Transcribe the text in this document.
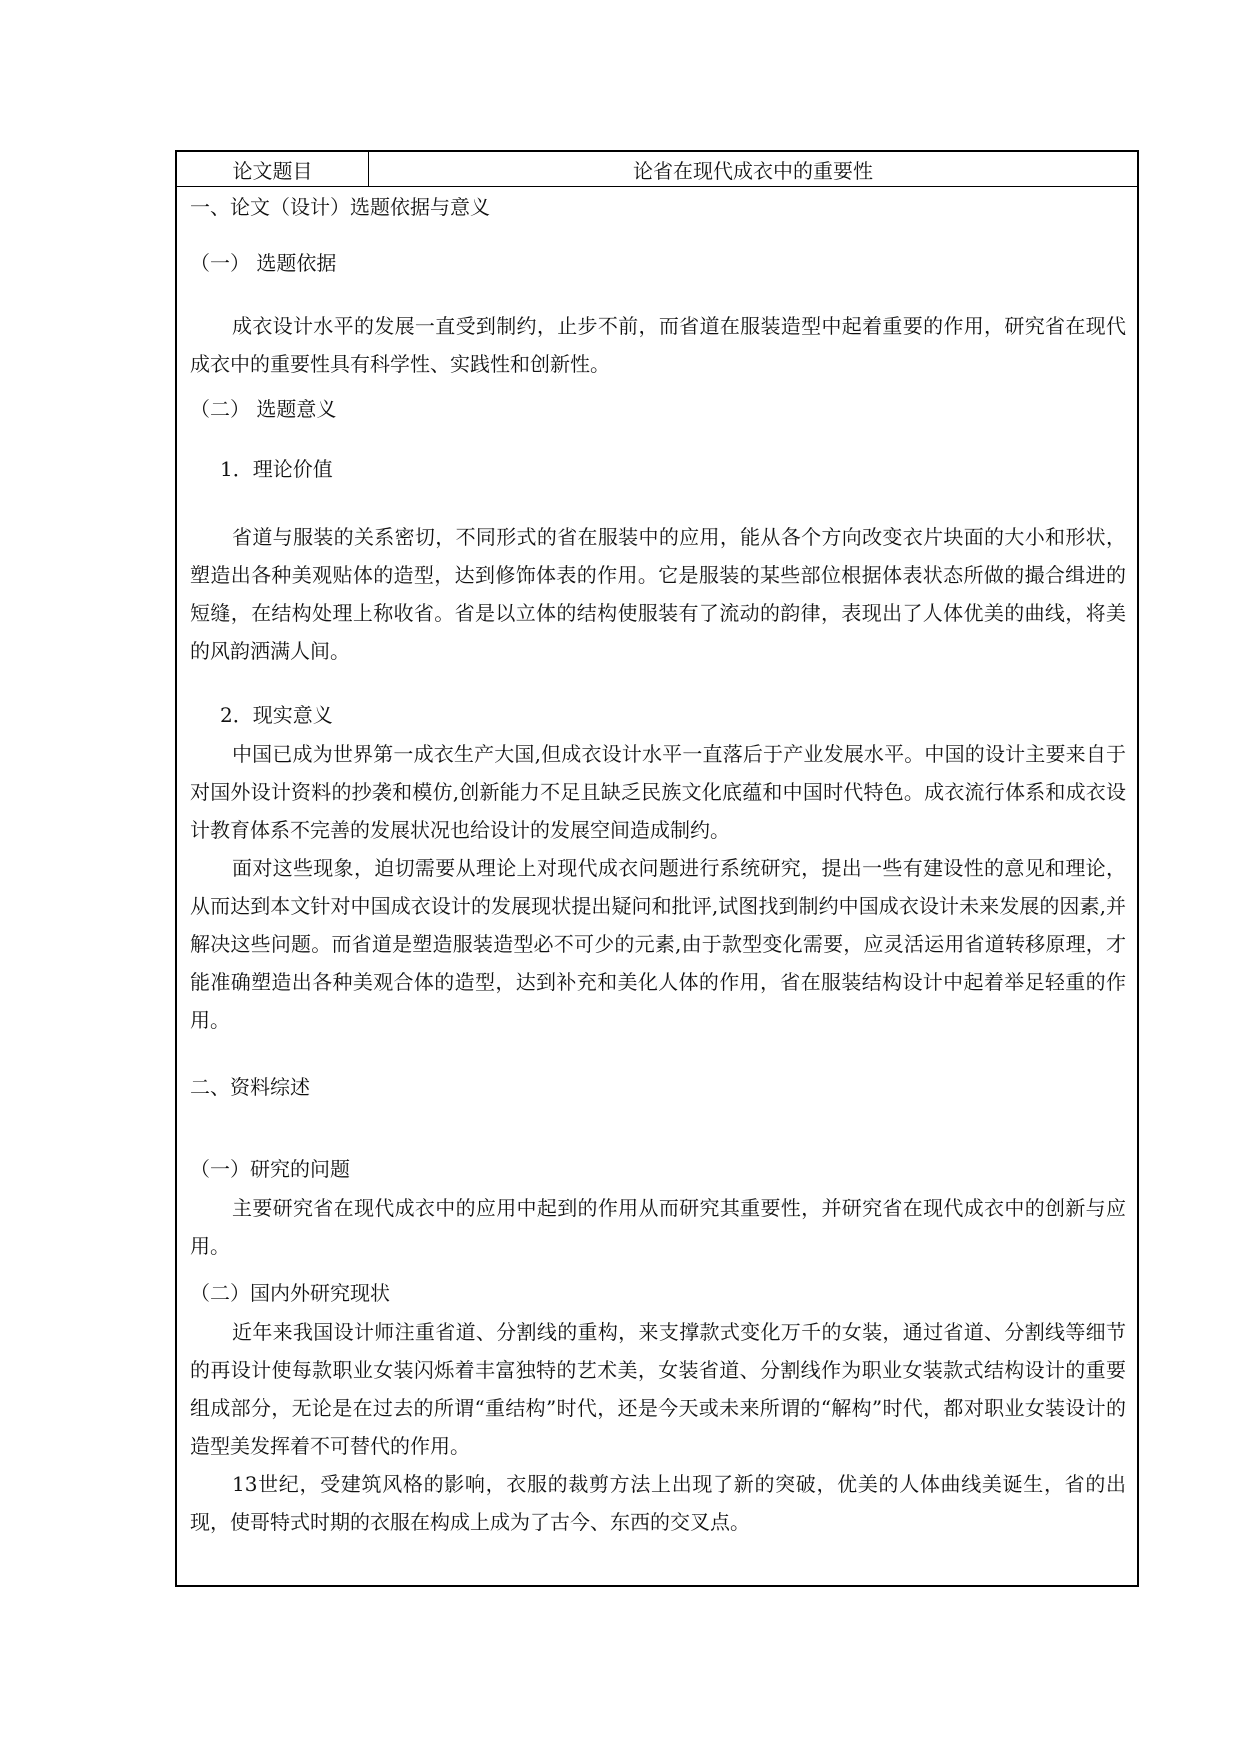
论文题目	论省在现代成衣中的重要性
一、论文（设计）选题依据与意义
（一） 选题依据
成衣设计水平的发展一直受到制约，止步不前，而省道在服装造型中起着重要的作用，研究省在现代成衣中的重要性具有科学性、实践性和创新性。
（二） 选题意义
1．理论价值
省道与服装的关系密切，不同形式的省在服装中的应用，能从各个方向改变衣片块面的大小和形状，塑造出各种美观贴体的造型，达到修饰体表的作用。它是服装的某些部位根据体表状态所做的撮合缉进的短缝，在结构处理上称收省。省是以立体的结构使服装有了流动的韵律，表现出了人体优美的曲线，将美的风韵洒满人间。
2．现实意义
中国已成为世界第一成衣生产大国,但成衣设计水平一直落后于产业发展水平。中国的设计主要来自于对国外设计资料的抄袭和模仿,创新能力不足且缺乏民族文化底蕴和中国时代特色。成衣流行体系和成衣设计教育体系不完善的发展状况也给设计的发展空间造成制约。
面对这些现象，迫切需要从理论上对现代成衣问题进行系统研究，提出一些有建设性的意见和理论，从而达到本文针对中国成衣设计的发展现状提出疑问和批评,试图找到制约中国成衣设计未来发展的因素,并解决这些问题。而省道是塑造服装造型必不可少的元素,由于款型变化需要，应灵活运用省道转移原理，才能准确塑造出各种美观合体的造型，达到补充和美化人体的作用，省在服装结构设计中起着举足轻重的作用。
二、资料综述
（一）研究的问题
主要研究省在现代成衣中的应用中起到的作用从而研究其重要性，并研究省在现代成衣中的创新与应用。
（二）国内外研究现状
近年来我国设计师注重省道、分割线的重构，来支撑款式变化万千的女装，通过省道、分割线等细节的再设计使每款职业女装闪烁着丰富独特的艺术美，女装省道、分割线作为职业女装款式结构设计的重要组成部分，无论是在过去的所谓“重结构”时代，还是今天或未来所谓的“解构”时代，都对职业女装设计的造型美发挥着不可替代的作用。
13世纪，受建筑风格的影响，衣服的裁剪方法上出现了新的突破，优美的人体曲线美诞生，省的出现，使哥特式时期的衣服在构成上成为了古今、东西的交叉点。
